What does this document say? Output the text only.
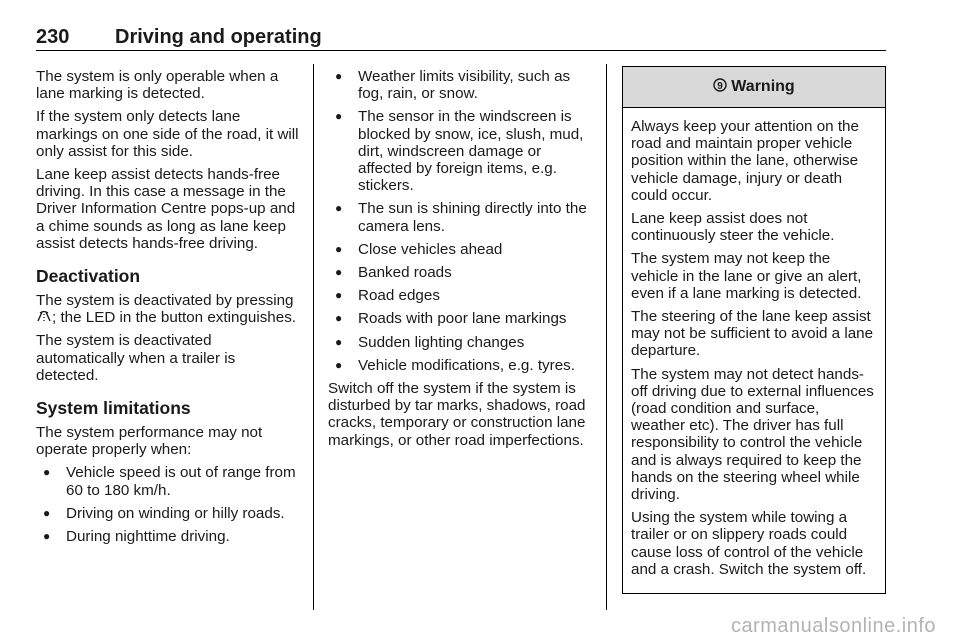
230 Driving and operating

The system is only operable when a lane marking is detected.

If the system only detects lane markings on one side of the road, it will only assist for this side.

Lane keep assist detects hands-free driving. In this case a message in the Driver Information Centre pops-up and a chime sounds as long as lane keep assist detects hands-free driving.

Deactivation

The system is deactivated by pressing ; the LED in the button extinguishes.

The system is deactivated automatically when a trailer is detected.

System limitations

The system performance may not operate properly when:

● Vehicle speed is out of range from 60 to 180 km/h.
● Driving on winding or hilly roads.
● During nighttime driving.
● Weather limits visibility, such as fog, rain, or snow.
● The sensor in the windscreen is blocked by snow, ice, slush, mud, dirt, windscreen damage or affected by foreign items, e.g. stickers.
● The sun is shining directly into the camera lens.
● Close vehicles ahead
● Banked roads
● Road edges
● Roads with poor lane markings
● Sudden lighting changes
● Vehicle modifications, e.g. tyres.

Switch off the system if the system is disturbed by tar marks, shadows, road cracks, temporary or construction lane markings, or other road imperfections.

9 Warning

Always keep your attention on the road and maintain proper vehicle position within the lane, otherwise vehicle damage, injury or death could occur.

Lane keep assist does not continuously steer the vehicle.

The system may not keep the vehicle in the lane or give an alert, even if a lane marking is detected.

The steering of the lane keep assist may not be sufficient to avoid a lane departure.

The system may not detect hands-off driving due to external influences (road condition and surface, weather etc). The driver has full responsibility to control the vehicle and is always required to keep the hands on the steering wheel while driving.

Using the system while towing a trailer or on slippery roads could cause loss of control of the vehicle and a crash. Switch the system off.

carmanualsonline.info
